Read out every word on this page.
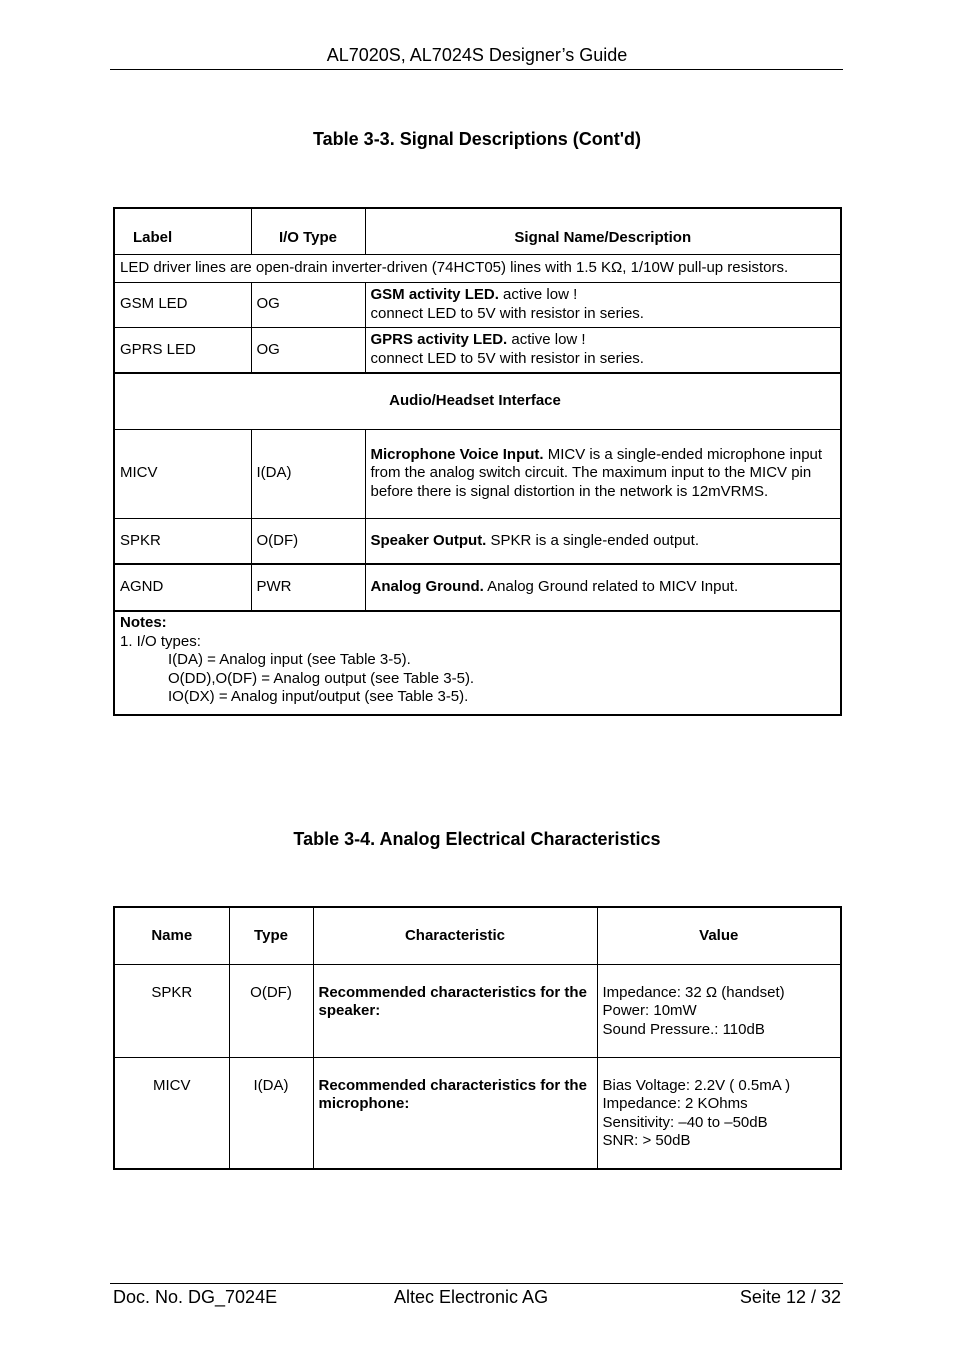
AL7020S, AL7024S Designer’s Guide
Table 3-3. Signal Descriptions (Cont'd)
Label	I/O Type	Signal Name/Description
LED driver lines are open-drain inverter-driven (74HCT05) lines with 1.5 KΩ, 1/10W pull-up resistors.		
GSM LED	OG	GSM activity LED. active low !
connect LED to 5V with resistor in series.
GPRS LED	OG	GPRS activity LED. active low !
connect LED to 5V with resistor in series.
Audio/Headset Interface		
MICV	I(DA)	Microphone Voice Input. MICV is a single-ended microphone input from the analog switch circuit. The maximum input to the MICV pin before there is signal distortion in the network is 12mVRMS.
SPKR	O(DF)	Speaker Output. SPKR is a single-ended output.
AGND	PWR	Analog Ground. Analog Ground related to MICV Input.

Notes:
1. I/O types:
I(DA) = Analog input (see Table 3-5).
O(DD),O(DF) = Analog output (see Table 3-5).
IO(DX) = Analog input/output (see Table 3-5).		
Table 3-4. Analog Electrical Characteristics
Name	Type	Characteristic	Value
SPKR	O(DF)	Recommended characteristics for the speaker:	Impedance: 32 Ω (handset)
Power: 10mW
Sound Pressure.: 110dB

MICV	I(DA)	Recommended characteristics for the microphone:	Bias Voltage: 2.2V ( 0.5mA )
Impedance: 2 KOhms
Sensitivity: –40 to –50dB
SNR: > 50dB
Doc. No. DG_7024E	Altec Electronic AG	Seite 12 / 32
